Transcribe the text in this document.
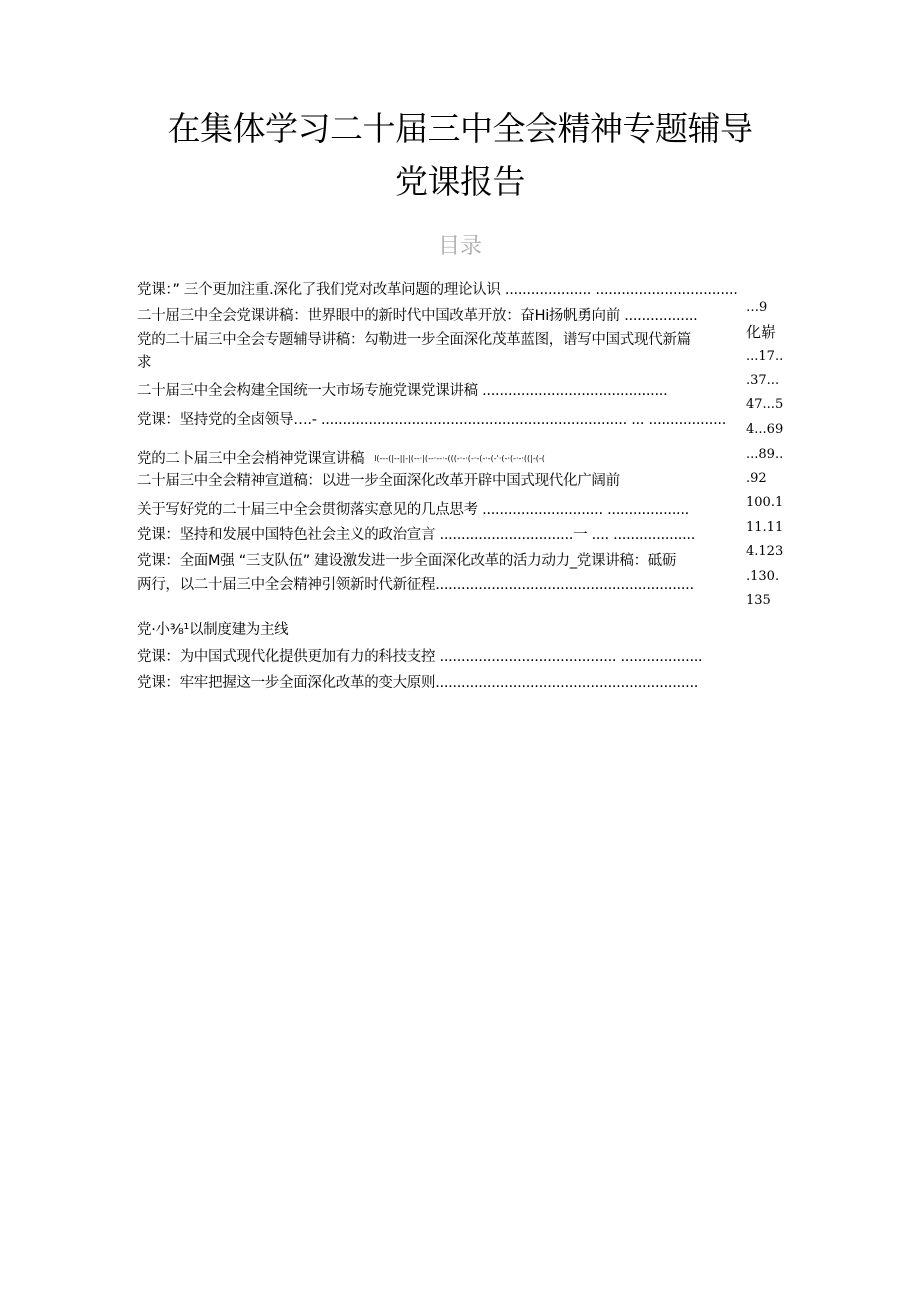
在集体学习二十届三中全会精神专题辅导
党课报告
目录
党课：” 三个更加注重.深化了我们党对改革问题的理论认识 .................... .................................
二十屈三中全会党课讲稿：世界眼中的新时代中国改革开放：奋Hi扬帆勇向前 .................
党的二十届三中全会专题辅导讲稿：勾勒进一步全面深化茂革蓝图，谱写中国式现代新篇
求
二十届三中全会构建全国统一大市场专施党课党课讲稿 ...........................................
党课：坚持党的全卤领导….- ....................................................................... ... ..................
党的二卜届三中全会梢神党课宣讲稿 l(---(|--||-|(--·|(--·--·-(((-·-·(-·-(-·-(-'·(-·(-·-·((|-(-(
二十届三中全会精神宣道稿：以进一步全面深化改革开辟中国式现代化广阔前
关于写好党的二十届三中全会贯彻落实意见的几点思考 ............................ ...................
党课：坚持和发展中国特色社会主义的政治宣言 ...............................一 .... ...................
党课：全面M强 “三支队伍” 建设激发进一步全面深化改革的活力动力_党课讲稿：砥砺
两行，以二十届三中全会精神引领新时代新征程............................................................
党·小⅜¹以制度建为主线
党课：为中国式现代化提供更加有力的科技支控 ......................................... ...................
党课：牢牢把握这一步全面深化改革的变大原则.............................................................
…9
化崭
...17..
.37...
47...5
4...69
...89..
.92
100.1
11.11
4.123
.130.
135
